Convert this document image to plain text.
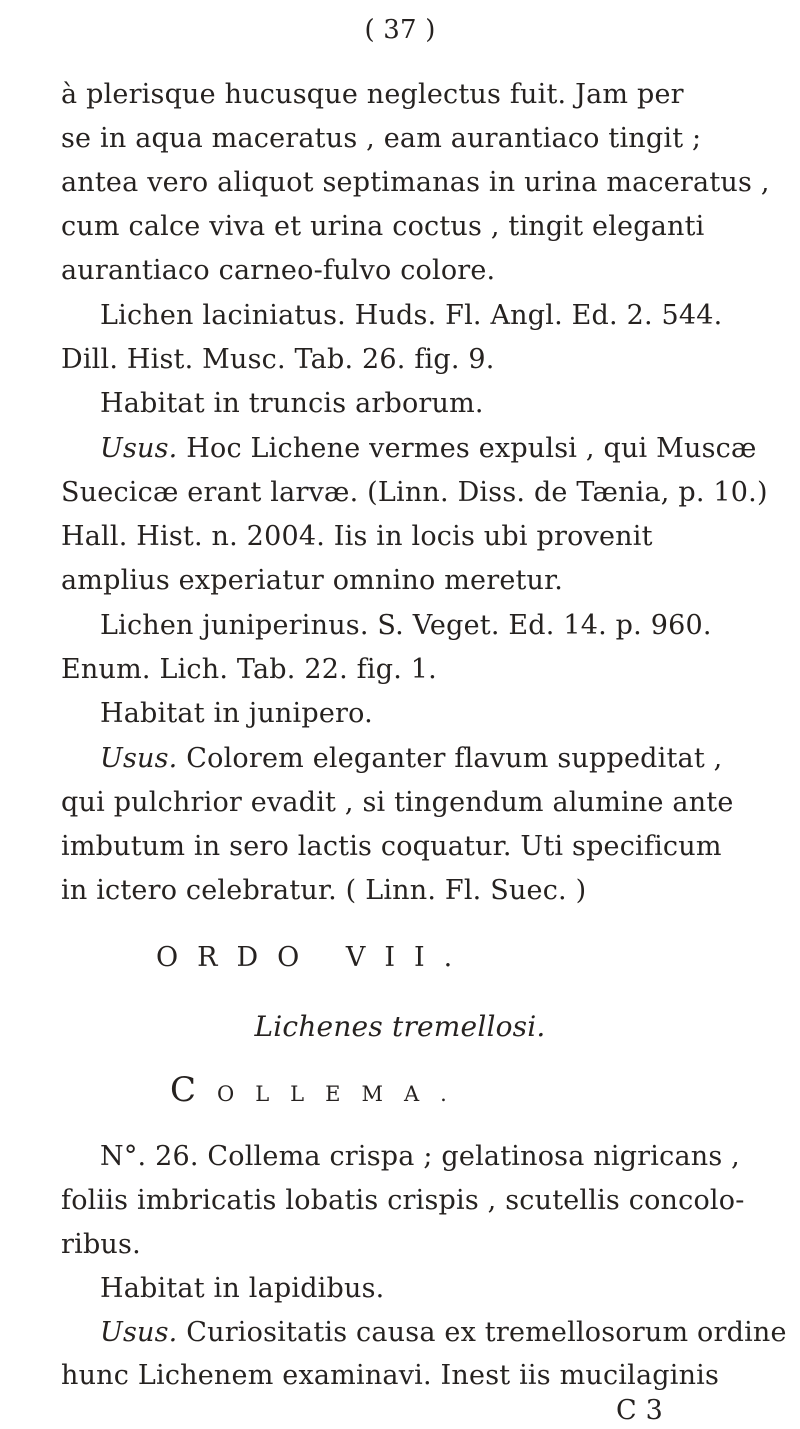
( 37 )
à plerisque hucusque neglectus fuit. Jam per
se in aqua maceratus , eam aurantiaco tingit ;
antea vero aliquot septimanas in urina maceratus ,
cum calce viva et urina coctus , tingit eleganti
aurantiaco carneo-fulvo colore.
Lichen laciniatus. Huds. Fl. Angl. Ed. 2. 544.
Dill. Hist. Musc. Tab. 26. fig. 9.
Habitat in truncis arborum.
Usus. Hoc Lichene vermes expulsi , qui Muscæ
Suecicæ erant larvæ. (Linn. Diss. de Tænia, p. 10.)
Hall. Hist. n. 2004. Iis in locis ubi provenit
amplius experiatur omnino meretur.
Lichen juniperinus. S. Veget. Ed. 14. p. 960.
Enum. Lich. Tab. 22. fig. 1.
Habitat in junipero.
Usus. Colorem eleganter flavum suppeditat ,
qui pulchrior evadit , si tingendum alumine ante
imbutum in sero lactis coquatur. Uti specificum
in ictero celebratur. ( Linn. Fl. Suec. )
ORDO VII.
Lichenes tremellosi.
COLLEMA.
N°. 26. Collema crispa ; gelatinosa nigricans ,
foliis imbricatis lobatis crispis , scutellis concolo-
ribus.
Habitat in lapidibus.
Usus. Curiositatis causa ex tremellosorum ordine
hunc Lichenem examinavi. Inest iis mucilaginis
C 3
